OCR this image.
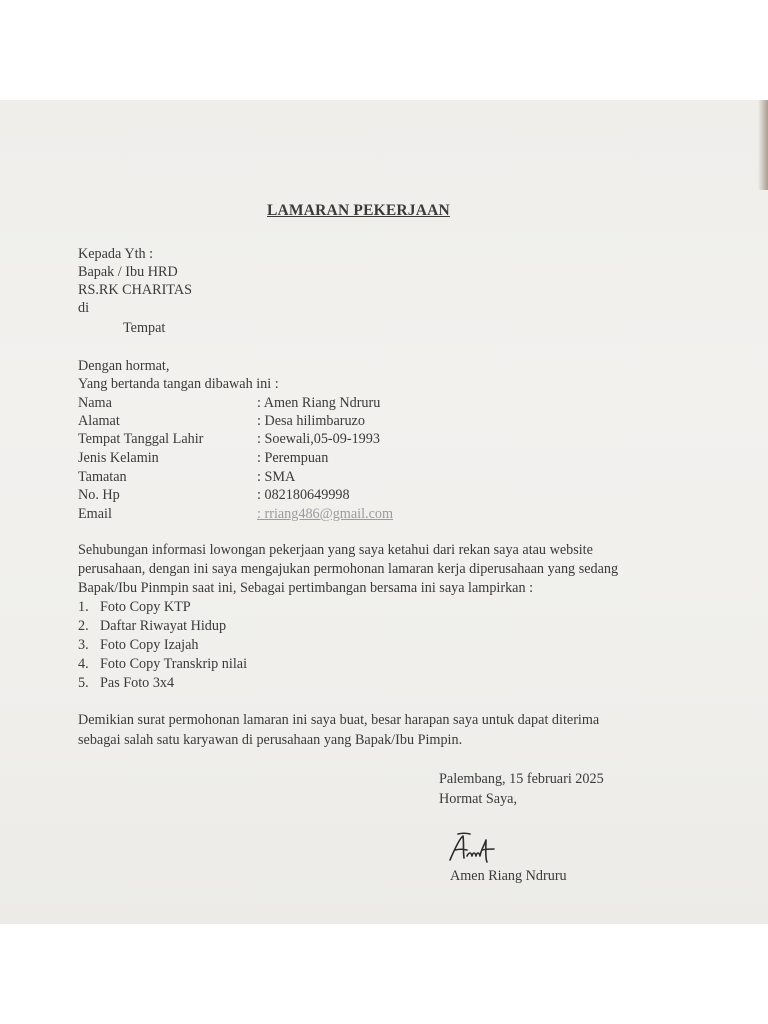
LAMARAN PEKERJAAN
Kepada Yth :
Bapak / Ibu HRD
RS.RK CHARITAS
di
Tempat
Dengan hormat,
Yang bertanda tangan dibawah ini :
Nama	: Amen Riang Ndruru
Alamat	: Desa hilimbaruzo
Tempat Tanggal Lahir	: Soewali,05-09-1993
Jenis Kelamin	: Perempuan
Tamatan	: SMA
No. Hp	: 082180649998
Email	: rriang486@gmail.com
Sehubungan informasi lowongan pekerjaan yang saya ketahui dari rekan saya atau website
perusahaan, dengan ini saya mengajukan permohonan lamaran kerja diperusahaan yang sedang
Bapak/Ibu Pinmpin saat ini, Sebagai pertimbangan bersama ini saya lampirkan :
1. Foto Copy KTP
2. Daftar Riwayat Hidup
3. Foto Copy Izajah
4. Foto Copy Transkrip nilai
5. Pas Foto 3x4
Demikian surat permohonan lamaran ini saya buat, besar harapan saya untuk dapat diterima
sebagai salah satu karyawan di perusahaan yang Bapak/Ibu Pimpin.
Palembang, 15 februari 2025
Hormat Saya,
Amen Riang Ndruru
